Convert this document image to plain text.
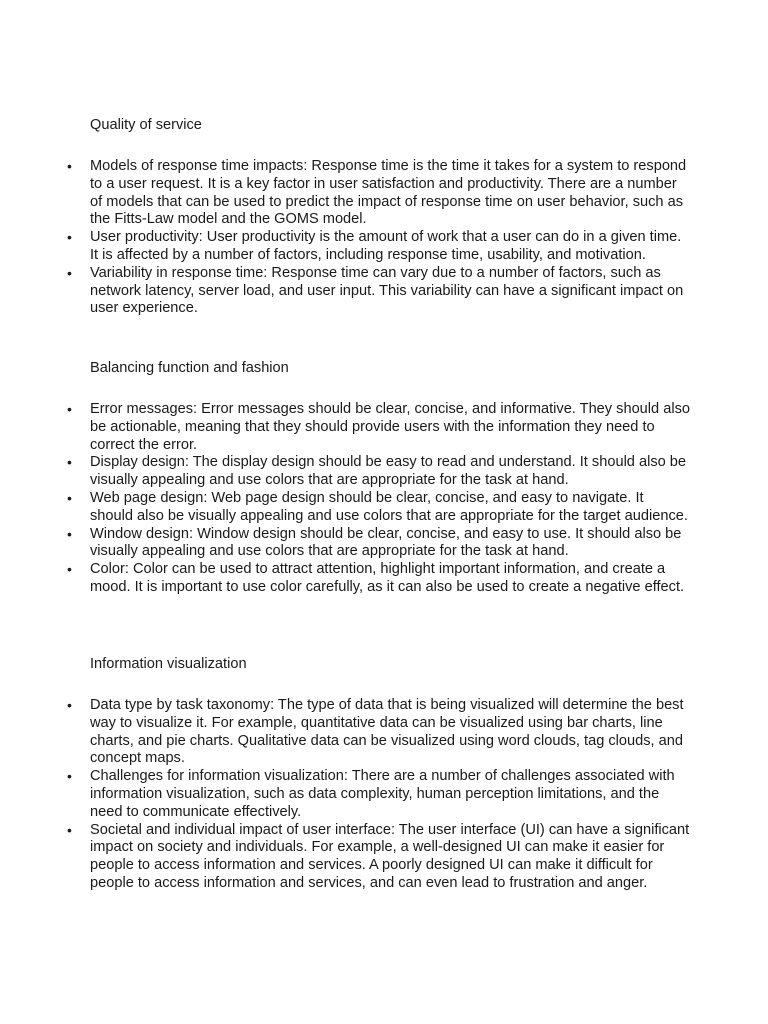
Quality of service
• Models of response time impacts: Response time is the time it takes for a system to respond to a user request. It is a key factor in user satisfaction and productivity. There are a number of models that can be used to predict the impact of response time on user behavior, such as the Fitts-Law model and the GOMS model.
• User productivity: User productivity is the amount of work that a user can do in a given time. It is affected by a number of factors, including response time, usability, and motivation.
• Variability in response time: Response time can vary due to a number of factors, such as network latency, server load, and user input. This variability can have a significant impact on user experience.
Balancing function and fashion
• Error messages: Error messages should be clear, concise, and informative. They should also be actionable, meaning that they should provide users with the information they need to correct the error.
• Display design: The display design should be easy to read and understand. It should also be visually appealing and use colors that are appropriate for the task at hand.
• Web page design: Web page design should be clear, concise, and easy to navigate. It should also be visually appealing and use colors that are appropriate for the target audience.
• Window design: Window design should be clear, concise, and easy to use. It should also be visually appealing and use colors that are appropriate for the task at hand.
• Color: Color can be used to attract attention, highlight important information, and create a mood. It is important to use color carefully, as it can also be used to create a negative effect.
Information visualization
• Data type by task taxonomy: The type of data that is being visualized will determine the best way to visualize it. For example, quantitative data can be visualized using bar charts, line charts, and pie charts. Qualitative data can be visualized using word clouds, tag clouds, and concept maps.
• Challenges for information visualization: There are a number of challenges associated with information visualization, such as data complexity, human perception limitations, and the need to communicate effectively.
• Societal and individual impact of user interface: The user interface (UI) can have a significant impact on society and individuals. For example, a well-designed UI can make it easier for people to access information and services. A poorly designed UI can make it difficult for people to access information and services, and can even lead to frustration and anger.
